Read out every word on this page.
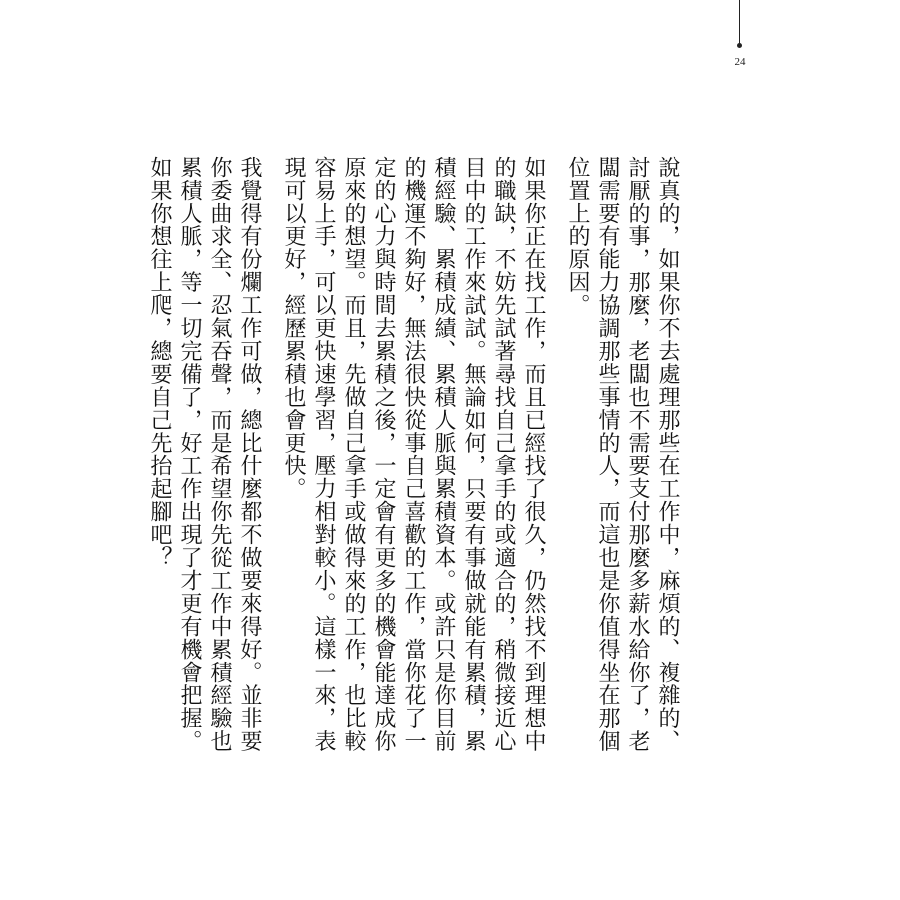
24

說真的，如果你不去處理那些在工作中，麻煩的、複雜的、討厭的事，那麼，老闆也不需要支付那麼多薪水給你了，老闆需要有能力協調那些事情的人，而這也是你值得坐在那個位置上的原因。

如果你正在找工作，而且已經找了很久，仍然找不到理想中的職缺，不妨先試著尋找自己拿手的或適合的，稍微接近心目中的工作來試試。無論如何，只要有事做就能有累積，累積經驗、累積成績、累積人脈與累積資本。或許只是你目前的機運不夠好，無法很快從事自己喜歡的工作，當你花了一定的心力與時間去累積之後，一定會有更多的機會能達成你原來的想望。而且，先做自己拿手或做得來的工作，也比較容易上手，可以更快速學習，壓力相對較小。這樣一來，表現可以更好，經歷累積也會更快。

我覺得有份爛工作可做，總比什麼都不做要來得好。並非要你委曲求全、忍氣吞聲，而是希望你先從工作中累積經驗也累積人脈，等一切完備了，好工作出現了才更有機會把握。如果你想往上爬，總要自己先抬起腳吧？
